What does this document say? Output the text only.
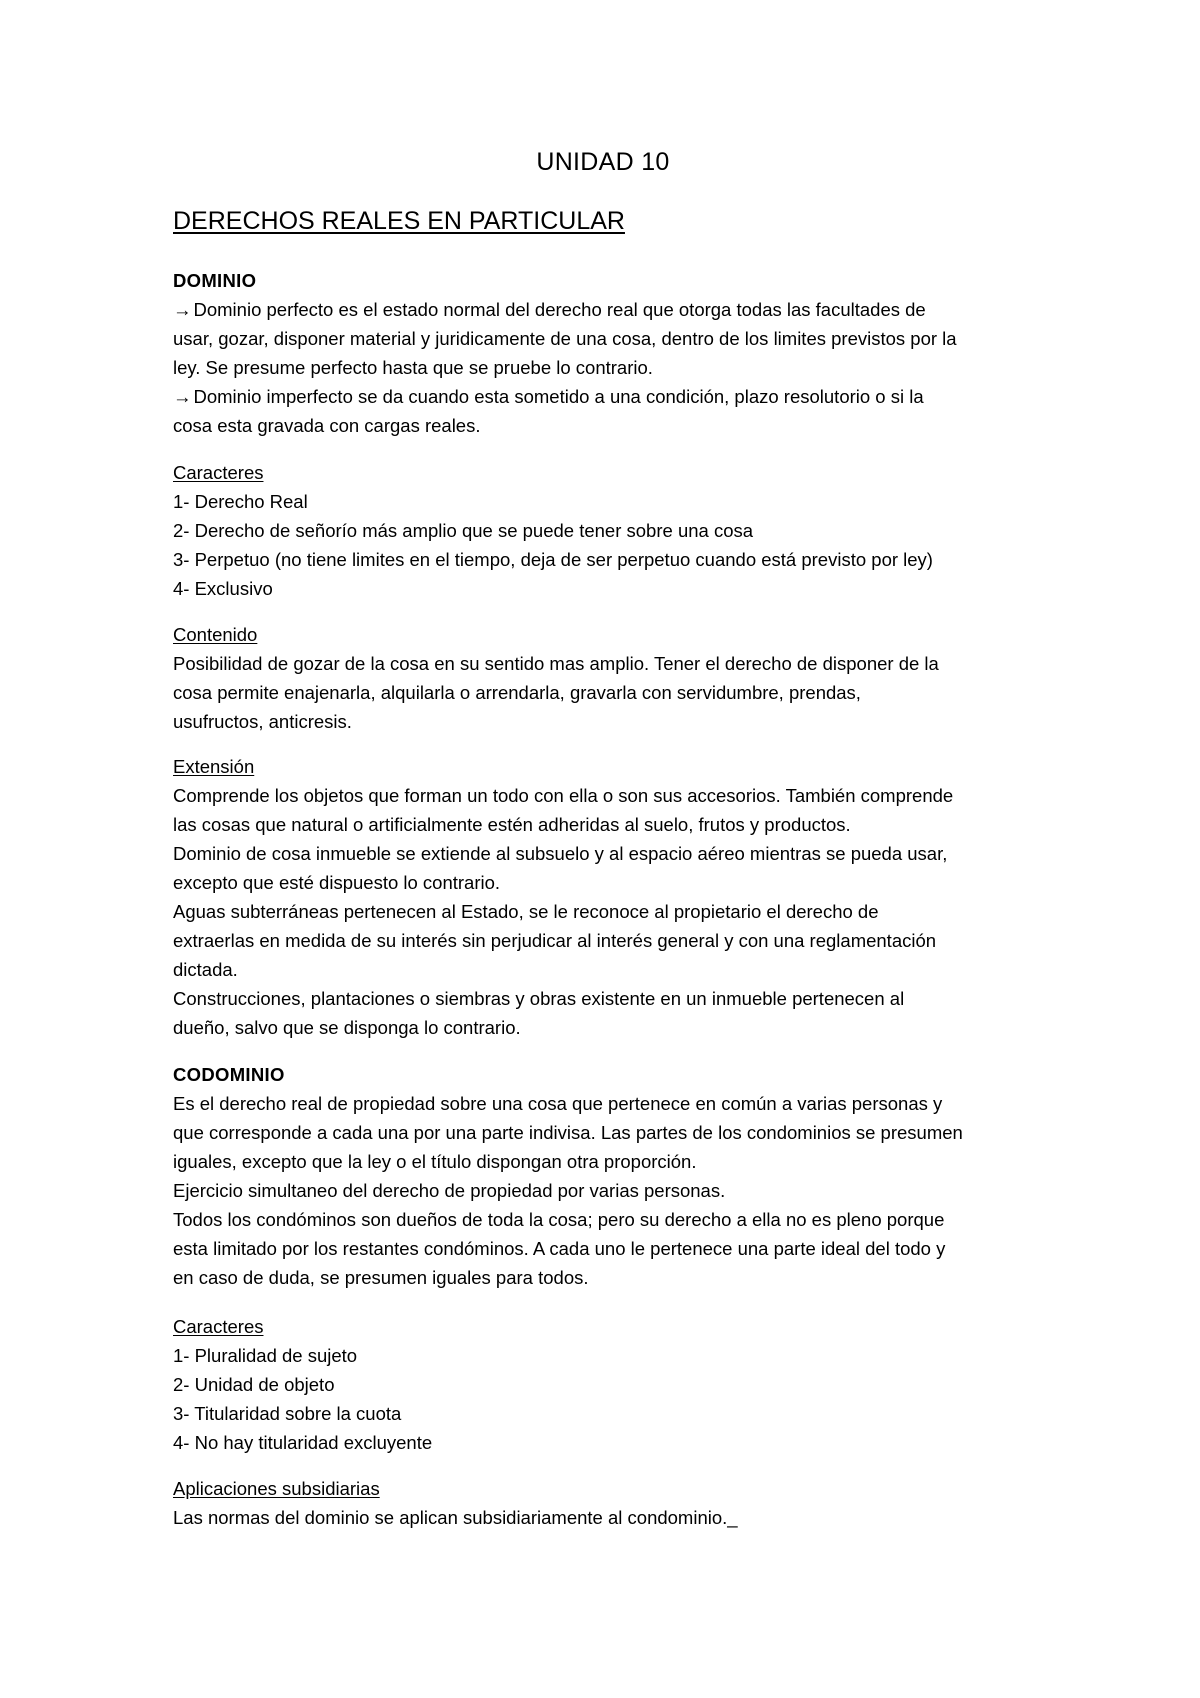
UNIDAD 10
DERECHOS REALES EN PARTICULAR

DOMINIO

→ Dominio perfecto es el estado normal del derecho real que otorga todas las facultades de

usar, gozar, disponer material y juridicamente de una cosa, dentro de los limites previstos por la

ley. Se presume perfecto hasta que se pruebe lo contrario.

→ Dominio imperfecto se da cuando esta sometido a una condición, plazo resolutorio o si la

cosa esta gravada con cargas reales.

Caracteres

1- Derecho Real

2- Derecho de señorío más amplio que se puede tener sobre una cosa

3- Perpetuo (no tiene limites en el tiempo, deja de ser perpetuo cuando está previsto por ley)

4- Exclusivo

Contenido

Posibilidad de gozar de la cosa en su sentido mas amplio. Tener el derecho de disponer de la

cosa permite enajenarla, alquilarla o arrendarla, gravarla con servidumbre, prendas,

usufructos, anticresis.

Extensión

Comprende los objetos que forman un todo con ella o son sus accesorios. También comprende

las cosas que natural o artificialmente estén adheridas al suelo, frutos y productos.

Dominio de cosa inmueble se extiende al subsuelo y al espacio aéreo mientras se pueda usar,

excepto que esté dispuesto lo contrario.

Aguas subterráneas pertenecen al Estado, se le reconoce al propietario el derecho de

extraerlas en medida de su interés sin perjudicar al interés general y con una reglamentación

dictada.

Construcciones, plantaciones o siembras y obras existente en un inmueble pertenecen al

dueño, salvo que se disponga lo contrario.

CODOMINIO

Es el derecho real de propiedad sobre una cosa que pertenece en común a varias personas y

que corresponde a cada una por una parte indivisa. Las partes de los condominios se presumen

iguales, excepto que la ley o el título dispongan otra proporción.

Ejercicio simultaneo del derecho de propiedad por varias personas.

Todos los condóminos son dueños de toda la cosa; pero su derecho a ella no es pleno porque

esta limitado por los restantes condóminos. A cada uno le pertenece una parte ideal del todo y

en caso de duda, se presumen iguales para todos.

Caracteres

1- Pluralidad de sujeto

2- Unidad de objeto

3- Titularidad sobre la cuota

4- No hay titularidad excluyente

Aplicaciones subsidiarias

Las normas del dominio se aplican subsidiariamente al condominio._
